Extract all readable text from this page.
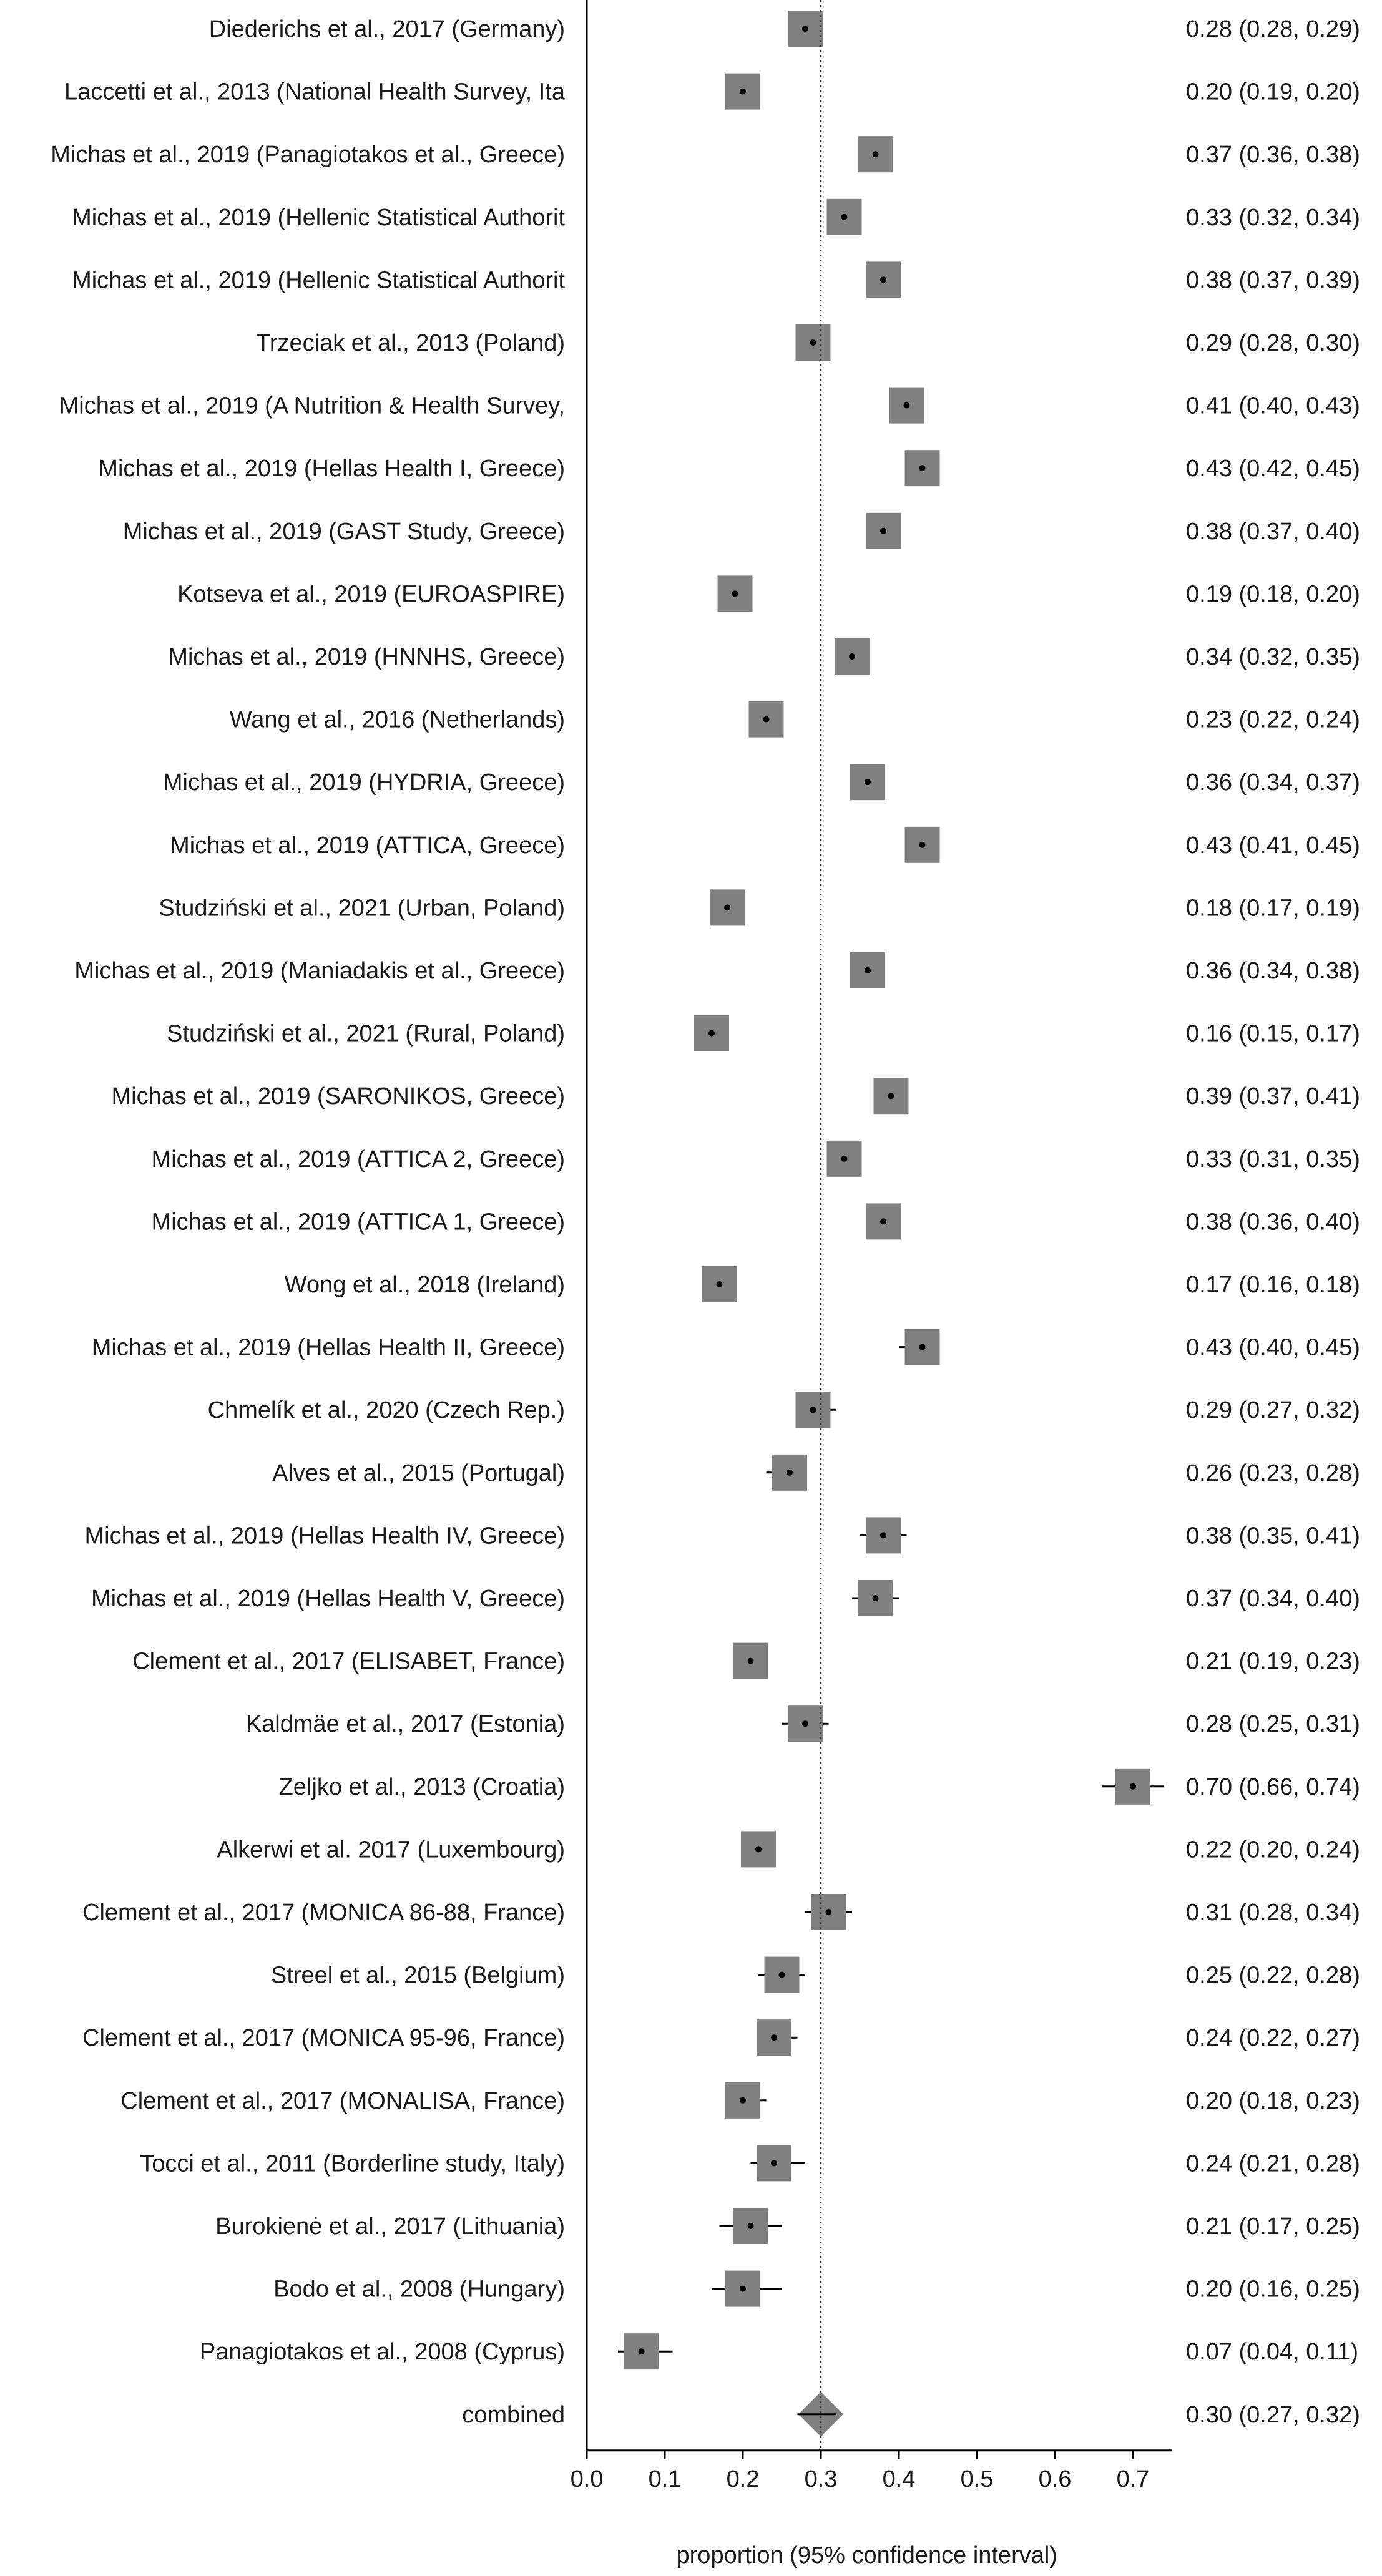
Diederichs et al., 2017 (Germany)	0.28 (0.28, 0.29)
Laccetti et al., 2013 (National Health Survey, Ita	0.20 (0.19, 0.20)
Michas et al., 2019 (Panagiotakos et al., Greece)	0.37 (0.36, 0.38)
Michas et al., 2019 (Hellenic Statistical Authorit	0.33 (0.32, 0.34)
Michas et al., 2019 (Hellenic Statistical Authorit	0.38 (0.37, 0.39)
Trzeciak et al., 2013 (Poland)	0.29 (0.28, 0.30)
Michas et al., 2019 (A Nutrition & Health Survey,	0.41 (0.40, 0.43)
Michas et al., 2019 (Hellas Health I, Greece)	0.43 (0.42, 0.45)
Michas et al., 2019 (GAST Study, Greece)	0.38 (0.37, 0.40)
Kotseva et al., 2019 (EUROASPIRE)	0.19 (0.18, 0.20)
Michas et al., 2019 (HNNHS, Greece)	0.34 (0.32, 0.35)
Wang et al., 2016 (Netherlands)	0.23 (0.22, 0.24)
Michas et al., 2019 (HYDRIA, Greece)	0.36 (0.34, 0.37)
Michas et al., 2019 (ATTICA, Greece)	0.43 (0.41, 0.45)
Studziński et al., 2021 (Urban, Poland)	0.18 (0.17, 0.19)
Michas et al., 2019 (Maniadakis et al., Greece)	0.36 (0.34, 0.38)
Studziński et al., 2021 (Rural, Poland)	0.16 (0.15, 0.17)
Michas et al., 2019 (SARONIKOS, Greece)	0.39 (0.37, 0.41)
Michas et al., 2019 (ATTICA 2, Greece)	0.33 (0.31, 0.35)
Michas et al., 2019 (ATTICA 1, Greece)	0.38 (0.36, 0.40)
Wong et al., 2018 (Ireland)	0.17 (0.16, 0.18)
Michas et al., 2019 (Hellas Health II, Greece)	0.43 (0.40, 0.45)
Chmelík et al., 2020 (Czech Rep.)	0.29 (0.27, 0.32)
Alves et al., 2015 (Portugal)	0.26 (0.23, 0.28)
Michas et al., 2019 (Hellas Health IV, Greece)	0.38 (0.35, 0.41)
Michas et al., 2019 (Hellas Health V, Greece)	0.37 (0.34, 0.40)
Clement et al., 2017 (ELISABET, France)	0.21 (0.19, 0.23)
Kaldmäe et al., 2017 (Estonia)	0.28 (0.25, 0.31)
Zeljko et al., 2013 (Croatia)	0.70 (0.66, 0.74)
Alkerwi et al. 2017 (Luxembourg)	0.22 (0.20, 0.24)
Clement et al., 2017 (MONICA 86-88, France)	0.31 (0.28, 0.34)
Streel et al., 2015 (Belgium)	0.25 (0.22, 0.28)
Clement et al., 2017 (MONICA 95-96, France)	0.24 (0.22, 0.27)
Clement et al., 2017 (MONALISA, France)	0.20 (0.18, 0.23)
Tocci et al., 2011 (Borderline study, Italy)	0.24 (0.21, 0.28)
Burokienė et al., 2017 (Lithuania)	0.21 (0.17, 0.25)
Bodo et al., 2008 (Hungary)	0.20 (0.16, 0.25)
Panagiotakos et al., 2008 (Cyprus)	0.07 (0.04, 0.11)
combined	0.30 (0.27, 0.32)
0.0 0.1 0.2 0.3 0.4 0.5 0.6 0.7
proportion (95% confidence interval)
